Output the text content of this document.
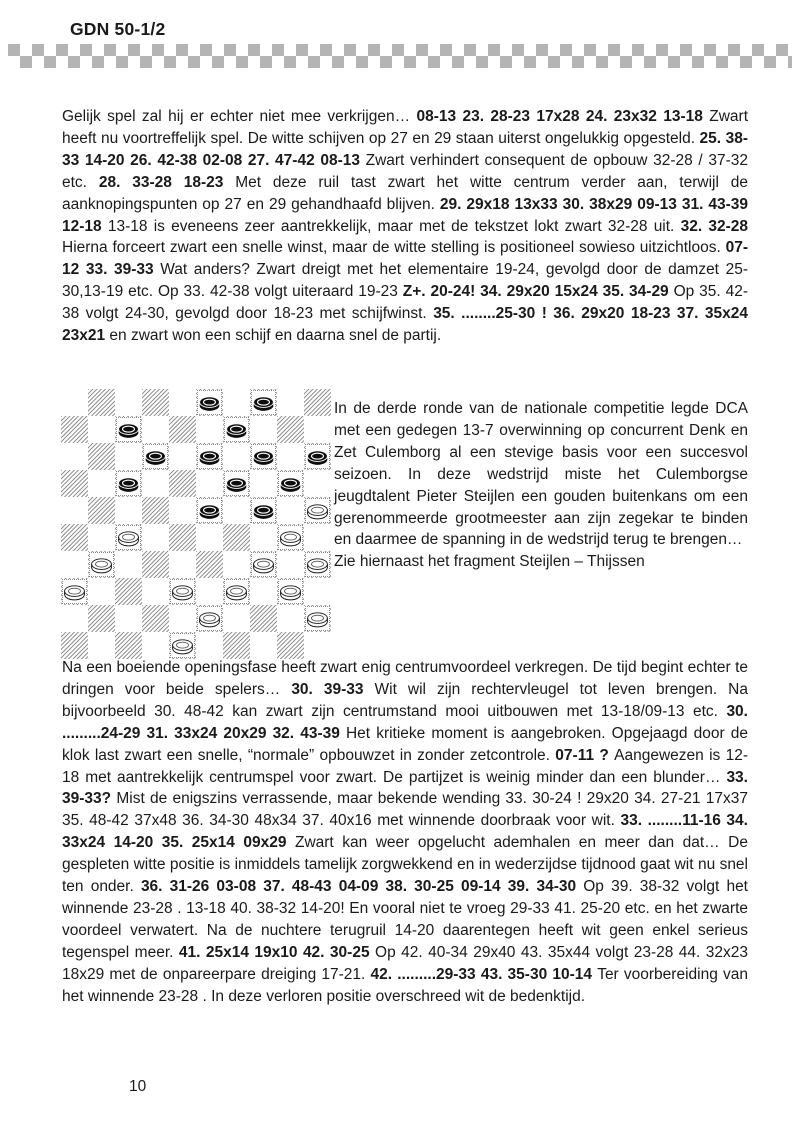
GDN 50-1/2

Gelijk spel zal hij er echter niet mee verkrijgen… 08-13 23. 28-23 17x28 24. 23x32 13-18 Zwart heeft nu voortreffelijk spel. De witte schijven op 27 en 29 staan uiterst ongelukkig opgesteld. 25. 38-33 14-20 26. 42-38 02-08 27. 47-42 08-13 Zwart verhindert consequent de opbouw 32-28 / 37-32 etc. 28. 33-28 18-23 Met deze ruil tast zwart het witte centrum verder aan, terwijl de aanknopingspunten op 27 en 29 gehandhaafd blijven. 29. 29x18 13x33 30. 38x29 09-13 31. 43-39 12-18 13-18 is eveneens zeer aantrekkelijk, maar met de tekstzet lokt zwart 32-28 uit. 32. 32-28 Hierna forceert zwart een snelle winst, maar de witte stelling is positioneel sowieso uitzichtloos. 07-12 33. 39-33 Wat anders? Zwart dreigt met het elementaire 19-24, gevolgd door de damzet 25-30,13-19 etc. Op 33. 42-38 volgt uiteraard 19-23 Z+. 20-24! 34. 29x20 15x24 35. 34-29 Op 35. 42-38 volgt 24-30, gevolgd door 18-23 met schijfwinst. 35. ........25-30 ! 36. 29x20 18-23 37. 35x24 23x21 en zwart won een schijf en daarna snel de partij.

In de derde ronde van de nationale competitie legde DCA met een gedegen 13-7 overwinning op concurrent Denk en Zet Culemborg al een stevige basis voor een succesvol seizoen. In deze wedstrijd miste het Culemborgse jeugdtalent Pieter Steijlen een gouden buitenkans om een gerenommeerde grootmeester aan zijn zegekar te binden en daarmee de spanning in de wedstrijd terug te brengen…

Zie hiernaast het fragment Steijlen – Thijssen

Na een boeiende openingsfase heeft zwart enig centrumvoordeel verkregen. De tijd begint echter te dringen voor beide spelers… 30. 39-33 Wit wil zijn rechtervleugel tot leven brengen. Na bijvoorbeeld 30. 48-42 kan zwart zijn centrumstand mooi uitbouwen met 13-18/09-13 etc. 30. .........24-29 31. 33x24 20x29 32. 43-39 Het kritieke moment is aangebroken. Opgejaagd door de klok last zwart een snelle, “normale” opbouwzet in zonder zetcontrole. 07-11 ? Aangewezen is 12-18 met aantrekkelijk centrumspel voor zwart. De partijzet is weinig minder dan een blunder… 33. 39-33? Mist de enigszins verrassende, maar bekende wending 33. 30-24 ! 29x20 34. 27-21 17x37 35. 48-42 37x48 36. 34-30 48x34 37. 40x16 met winnende doorbraak voor wit. 33. ........11-16 34. 33x24 14-20 35. 25x14 09x29 Zwart kan weer opgelucht ademhalen en meer dan dat… De gespleten witte positie is inmiddels tamelijk zorgwekkend en in wederzijdse tijdnood gaat wit nu snel ten onder. 36. 31-26 03-08 37. 48-43 04-09 38. 30-25 09-14 39. 34-30 Op 39. 38-32 volgt het winnende 23-28 . 13-18 40. 38-32 14-20! En vooral niet te vroeg 29-33 41. 25-20 etc. en het zwarte voordeel verwatert. Na de nuchtere terugruil 14-20 daarentegen heeft wit geen enkel serieus tegenspel meer. 41. 25x14 19x10 42. 30-25 Op 42. 40-34 29x40 43. 35x44 volgt 23-28 44. 32x23 18x29 met de onpareerpare dreiging 17-21. 42. .........29-33 43. 35-30 10-14 Ter voorbereiding van het winnende 23-28 . In deze verloren positie overschreed wit de bedenktijd.

10
